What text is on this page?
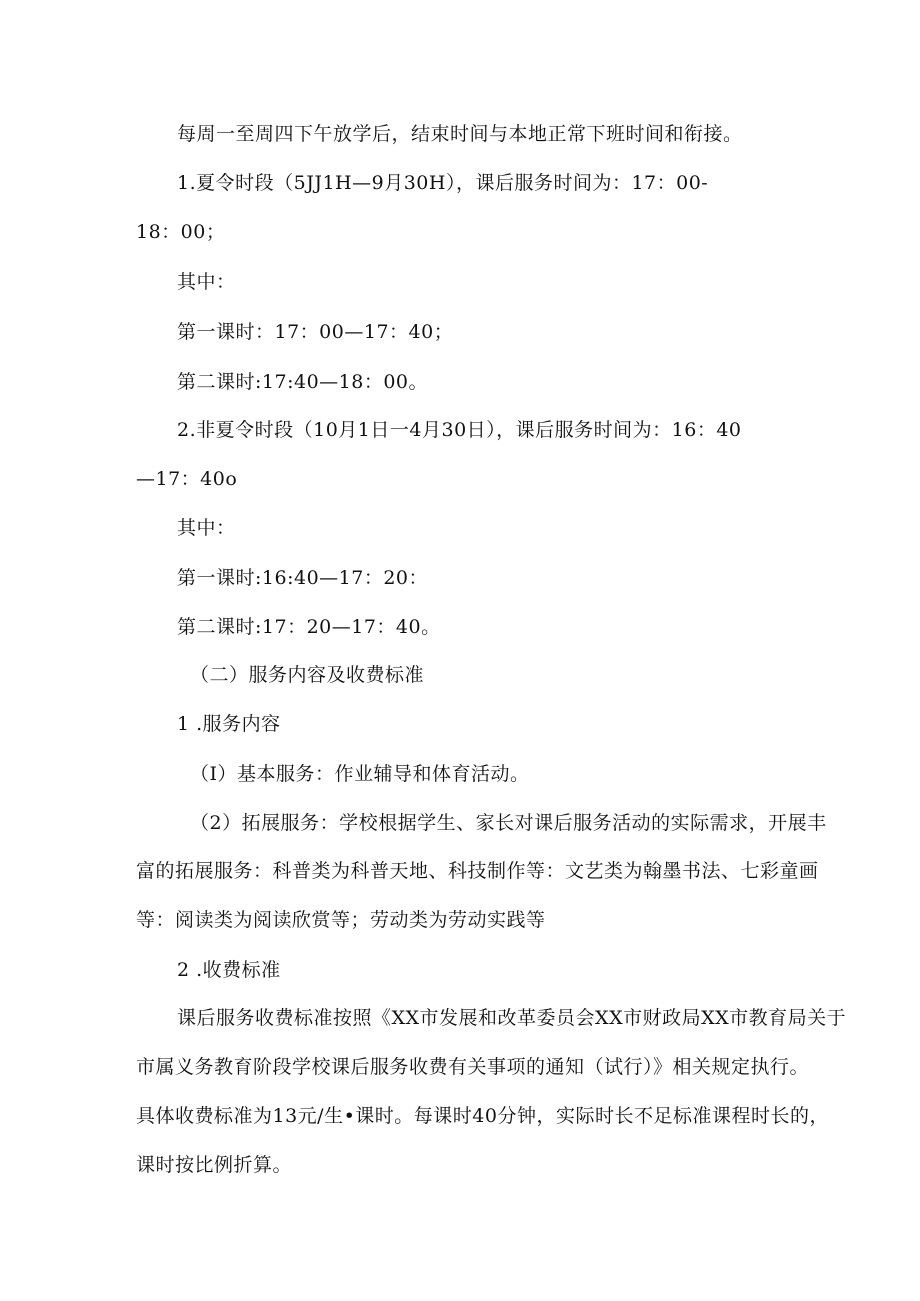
每周一至周四下午放学后，结束时间与本地正常下班时间和衔接。
1.夏令时段（5JJ1H—9月30H），课后服务时间为：17：00-
18：00；
其中：
第一课时：17：00—17：40；
第二课时:17:40—18：00。
2.非夏令时段（10月1日一4月30日），课后服务时间为：16：40
—17：40o
其中：
第一课时:16:40—17：20：
第二课时:17：20—17：40。
（二）服务内容及收费标准
1 .服务内容
（I）基本服务：作业辅导和体育活动。
（2）拓展服务：学校根据学生、家长对课后服务活动的实际需求，开展丰
富的拓展服务：科普类为科普天地、科技制作等：文艺类为翰墨书法、七彩童画
等：阅读类为阅读欣赏等；劳动类为劳动实践等
2 .收费标准
课后服务收费标准按照《XX市发展和改革委员会XX市财政局XX市教育局关于
市属义务教育阶段学校课后服务收费有关事项的通知（试行）》相关规定执行。
具体收费标准为13元/生•课时。每课时40分钟，实际时长不足标准课程时长的，
课时按比例折算。
